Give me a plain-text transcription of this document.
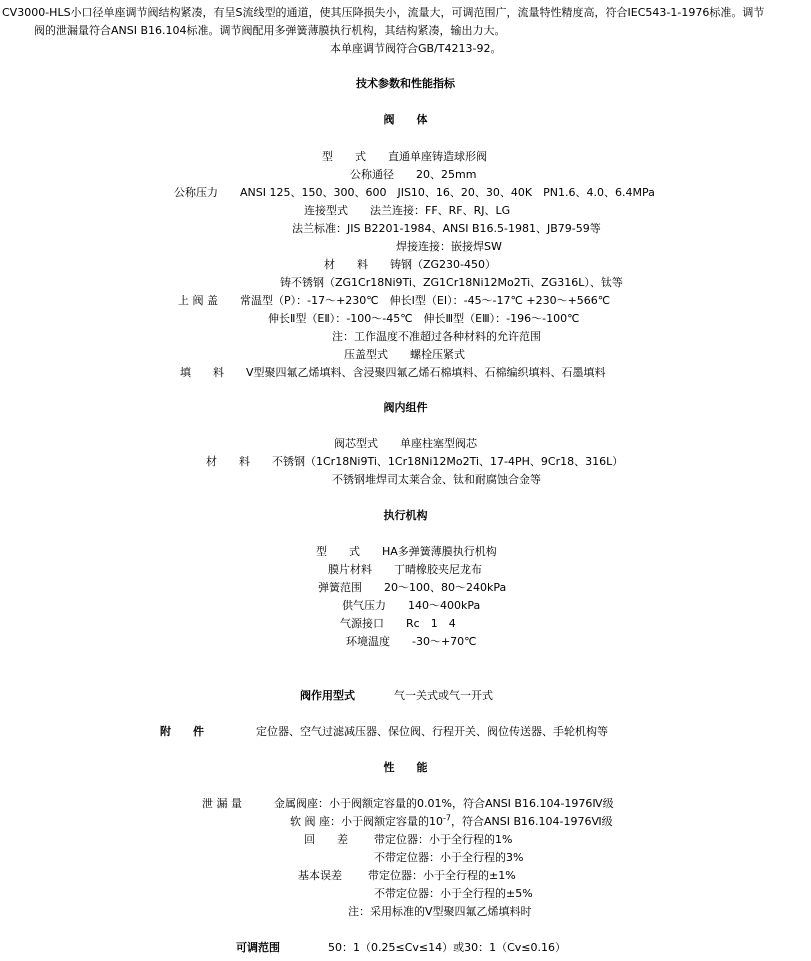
CV3000-HLS小口径单座调节阀结构紧凑，有呈S流线型的通道，使其压降损失小，流量大，可调范围广，流量特性精度高，符合IEC543-1-1976标准。调节

阀的泄漏量符合ANSI B16.104标准。调节阀配用多弹簧薄膜执行机构，其结构紧凑，输出力大。

本单座调节阀符合GB/T4213-92。

技术参数和性能指标
阀　　体
型　　式　　直通单座铸造球形阀
公称通径　　20、25mm
公称压力　　ANSI 125、150、300、600　JIS10、16、20、30、40K　PN1.6、4.0、6.4MPa
连接型式　　法兰连接：FF、RF、RJ、LG
法兰标准：JIS B2201-1984、ANSI B16.5-1981、JB79-59等
焊接连接：嵌接焊SW
材　　料　　铸钢（ZG230-450）
铸不锈钢（ZG1Cr18Ni9Ti、ZG1Cr18Ni12Mo2Ti、ZG316L）、钛等
上 阀 盖　　常温型（P）：-17～+230℃　伸长Ⅰ型（EⅠ）：-45～-17℃ +230～+566℃
伸长Ⅱ型（EⅡ）：-100～-45℃　伸长Ⅲ型（EⅢ）：-196～-100℃
注：工作温度不准超过各种材料的允许范围
压盖型式　　螺栓压紧式
填　　料　　V型聚四氟乙烯填料、含浸聚四氟乙烯石棉填料、石棉编织填料、石墨填料
阀内组件
阀芯型式　　单座柱塞型阀芯
材　　料　　不锈钢（1Cr18Ni9Ti、1Cr18Ni12Mo2Ti、17-4PH、9Cr18、316L）
不锈钢堆焊司太莱合金、钛和耐腐蚀合金等
执行机构
型　　式　　HA多弹簧薄膜执行机构
膜片材料　　丁晴橡胶夹尼龙布
弹簧范围　　20～100、80～240kPa
供气压力　　140～400kPa
气源接口　　Rc　1　4
环境温度　　-30～+70℃
阀作用型式	气一关式或气一开式
附　　件	定位器、空气过滤减压器、保位阀、行程开关、阀位传送器、手轮机构等
性　　能
泄 漏 量	金属阀座：小于阀额定容量的0.01%，符合ANSI B16.104-1976Ⅳ级
软 阀 座：小于阀额定容量的$10^{-7}$，符合ANSI B16.104-1976Ⅵ级
回　　差 带定位器：小于全行程的1%
不带定位器：小于全行程的3%
基本误差 带定位器：小于全行程的±1%
不带定位器：小于全行程的±5%
注：采用标准的V型聚四氟乙烯填料时
可调范围	50：1（0.25≤Cv≤14）或30：1（Cv≤0.16）
